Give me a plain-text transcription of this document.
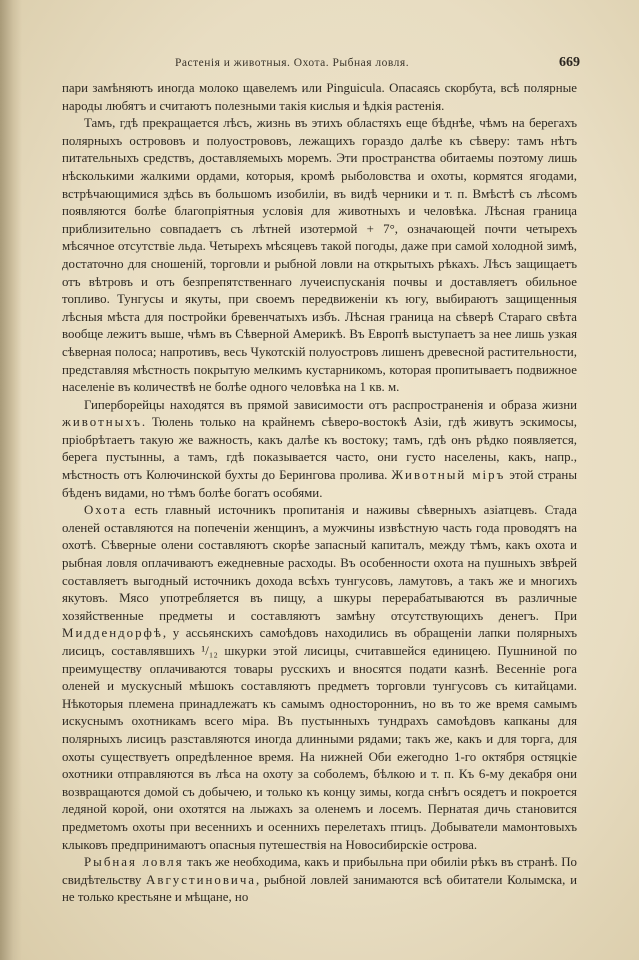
Растенія и животныя. Охота. Рыбная ловля.	669

пари замѣняютъ иногда молоко щавелемъ или Pinguicula. Опасаясь скорбута, всѣ полярные народы любятъ и считаютъ полезными такія кислыя и ѣдкія растенія.

Тамъ, гдѣ прекращается лѣсъ, жизнь въ этихъ областяхъ еще бѣднѣе, чѣмъ на берегахъ полярныхъ острововъ и полуострововъ, лежащихъ гораздо далѣе къ сѣверу: тамъ нѣтъ питательныхъ средствъ, доставляемыхъ моремъ. Эти пространства обитаемы поэтому лишь нѣсколькими жалкими ордами, которыя, кромѣ рыболовства и охоты, кормятся ягодами, встрѣчающимися здѣсь въ большомъ изобиліи, въ видѣ черники и т. п. Вмѣстѣ съ лѣсомъ появляются болѣе благопріятныя условія для животныхъ и человѣка. Лѣсная граница приблизительно совпадаетъ съ лѣтней изотермой + 7°, означающей почти четырехъ мѣсячное отсутствіе льда. Четырехъ мѣсяцевъ такой погоды, даже при самой холодной зимѣ, достаточно для сношеній, торговли и рыбной ловли на открытыхъ рѣкахъ. Лѣсъ защищаетъ отъ вѣтровъ и отъ безпрепятственнаго лучеиспусканія почвы и доставляетъ обильное топливо. Тунгусы и якуты, при своемъ передвиженіи къ югу, выбираютъ защищенныя лѣсныя мѣста для постройки бревенчатыхъ избъ. Лѣсная граница на сѣверѣ Стараго свѣта вообще лежитъ выше, чѣмъ въ Сѣверной Америкѣ. Въ Европѣ выступаетъ за нее лишь узкая сѣверная полоса; напротивъ, весь Чукотскій полуостровъ лишенъ древесной растительности, представляя мѣстность покрытую мелкимъ кустарникомъ, которая пропитываетъ подвижное населеніе въ количествѣ не болѣе одного человѣка на 1 кв. м.

Гиперборейцы находятся въ прямой зависимости отъ распространенія и образа жизни животныхъ. Тюлень только на крайнемъ сѣверо-востокѣ Азіи, гдѣ живутъ эскимосы, пріобрѣтаетъ такую же важность, какъ далѣе къ востоку; тамъ, гдѣ онъ рѣдко появляется, берега пустынны, а тамъ, гдѣ показывается часто, они густо населены, какъ, напр., мѣстность отъ Колючинской бухты до Берингова пролива. Животный міръ этой страны бѣденъ видами, но тѣмъ болѣе богатъ особями.

Охота есть главный источникъ пропитанія и наживы сѣверныхъ азіатцевъ. Стада оленей оставляются на попеченіи женщинъ, а мужчины извѣстную часть года проводятъ на охотѣ. Сѣверные олени составляютъ скорѣе запасный капиталъ, между тѣмъ, какъ охота и рыбная ловля оплачиваютъ ежедневные расходы. Въ особенности охота на пушныхъ звѣрей составляетъ выгодный источникъ дохода всѣхъ тунгусовъ, ламутовъ, а такъ же и многихъ якутовъ. Мясо употребляется въ пищу, а шкуры перерабатываются въ различные хозяйственные предметы и составляютъ замѣну отсутствующихъ денегъ. При Миддендорфѣ, у ассьянскихъ самоѣдовъ находились въ обращеніи лапки полярныхъ лисицъ, составлявшихъ ¹/₁₂ шкурки этой лисицы, считавшейся единицею. Пушниной по преимуществу оплачиваются товары русскихъ и вносятся подати казнѣ. Весенніе рога оленей и мускусный мѣшокъ составляютъ предметъ торговли тунгусовъ съ китайцами. Нѣкоторыя племена принадлежатъ къ самымъ односторонниъ, но въ то же время самымъ искуснымъ охотникамъ всего міра. Въ пустынныхъ тундрахъ самоѣдовъ капканы для полярныхъ лисицъ разставляются иногда длинными рядами; такъ же, какъ и для торга, для охоты существуетъ опредѣленное время. На нижней Оби ежегодно 1-го октября остяцкіе охотники отправляются въ лѣса на охоту за соболемъ, бѣлкою и т. п. Къ 6-му декабря они возвращаются домой съ добычею, и только къ концу зимы, когда снѣгъ осядетъ и покроется ледяной корой, они охотятся на лыжахъ за оленемъ и лосемъ. Пернатая дичь становится предметомъ охоты при весеннихъ и осеннихъ перелетахъ птицъ. Добыватели мамонтовыхъ клыковъ предпринимаютъ опасныя путешествія на Новосибирскіе острова.

Рыбная ловля такъ же необходима, какъ и прибыльна при обиліи рѣкъ въ странѣ. По свидѣтельству Августиновича, рыбной ловлей занимаются всѣ обитатели Колымска, и не только крестьяне и мѣщане, но
